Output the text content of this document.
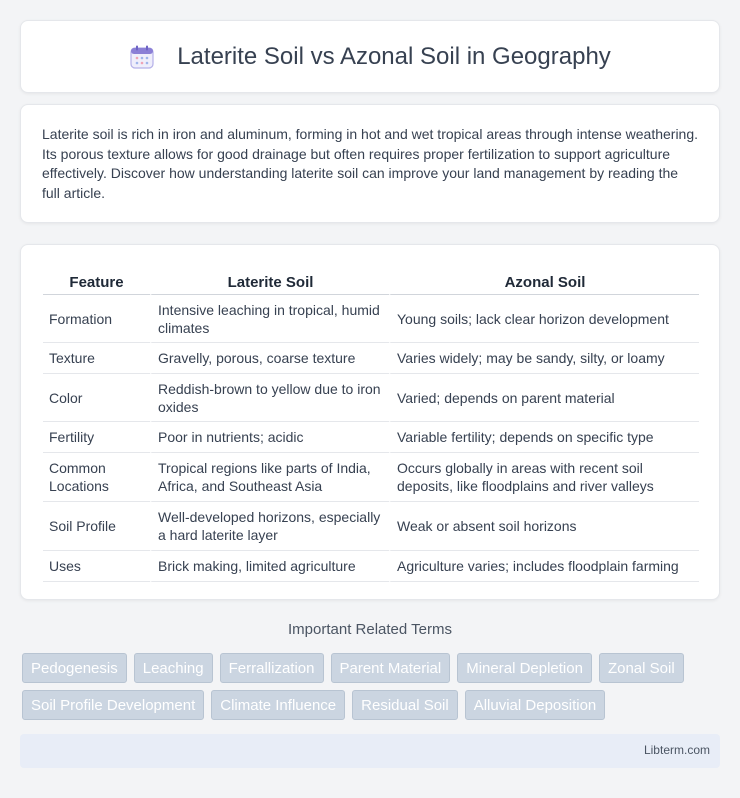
Laterite Soil vs Azonal Soil in Geography

Laterite soil is rich in iron and aluminum, forming in hot and wet tropical areas through intense weathering. Its porous texture allows for good drainage but often requires proper fertilization to support agriculture effectively. Discover how understanding laterite soil can improve your land management by reading the full article.

Feature	Laterite Soil	Azonal Soil
Formation	Intensive leaching in tropical, humid climates	Young soils; lack clear horizon development
Texture	Gravelly, porous, coarse texture	Varies widely; may be sandy, silty, or loamy
Color	Reddish-brown to yellow due to iron oxides	Varied; depends on parent material
Fertility	Poor in nutrients; acidic	Variable fertility; depends on specific type
Common Locations	Tropical regions like parts of India, Africa, and Southeast Asia	Occurs globally in areas with recent soil deposits, like floodplains and river valleys
Soil Profile	Well-developed horizons, especially a hard laterite layer	Weak or absent soil horizons
Uses	Brick making, limited agriculture	Agriculture varies; includes floodplain farming
Important Related Terms
Pedogenesis	Leaching	Ferrallization	Parent Material	Mineral Depletion	Zonal Soil
Soil Profile Development	Climate Influence	Residual Soil	Alluvial Deposition
Libterm.com
